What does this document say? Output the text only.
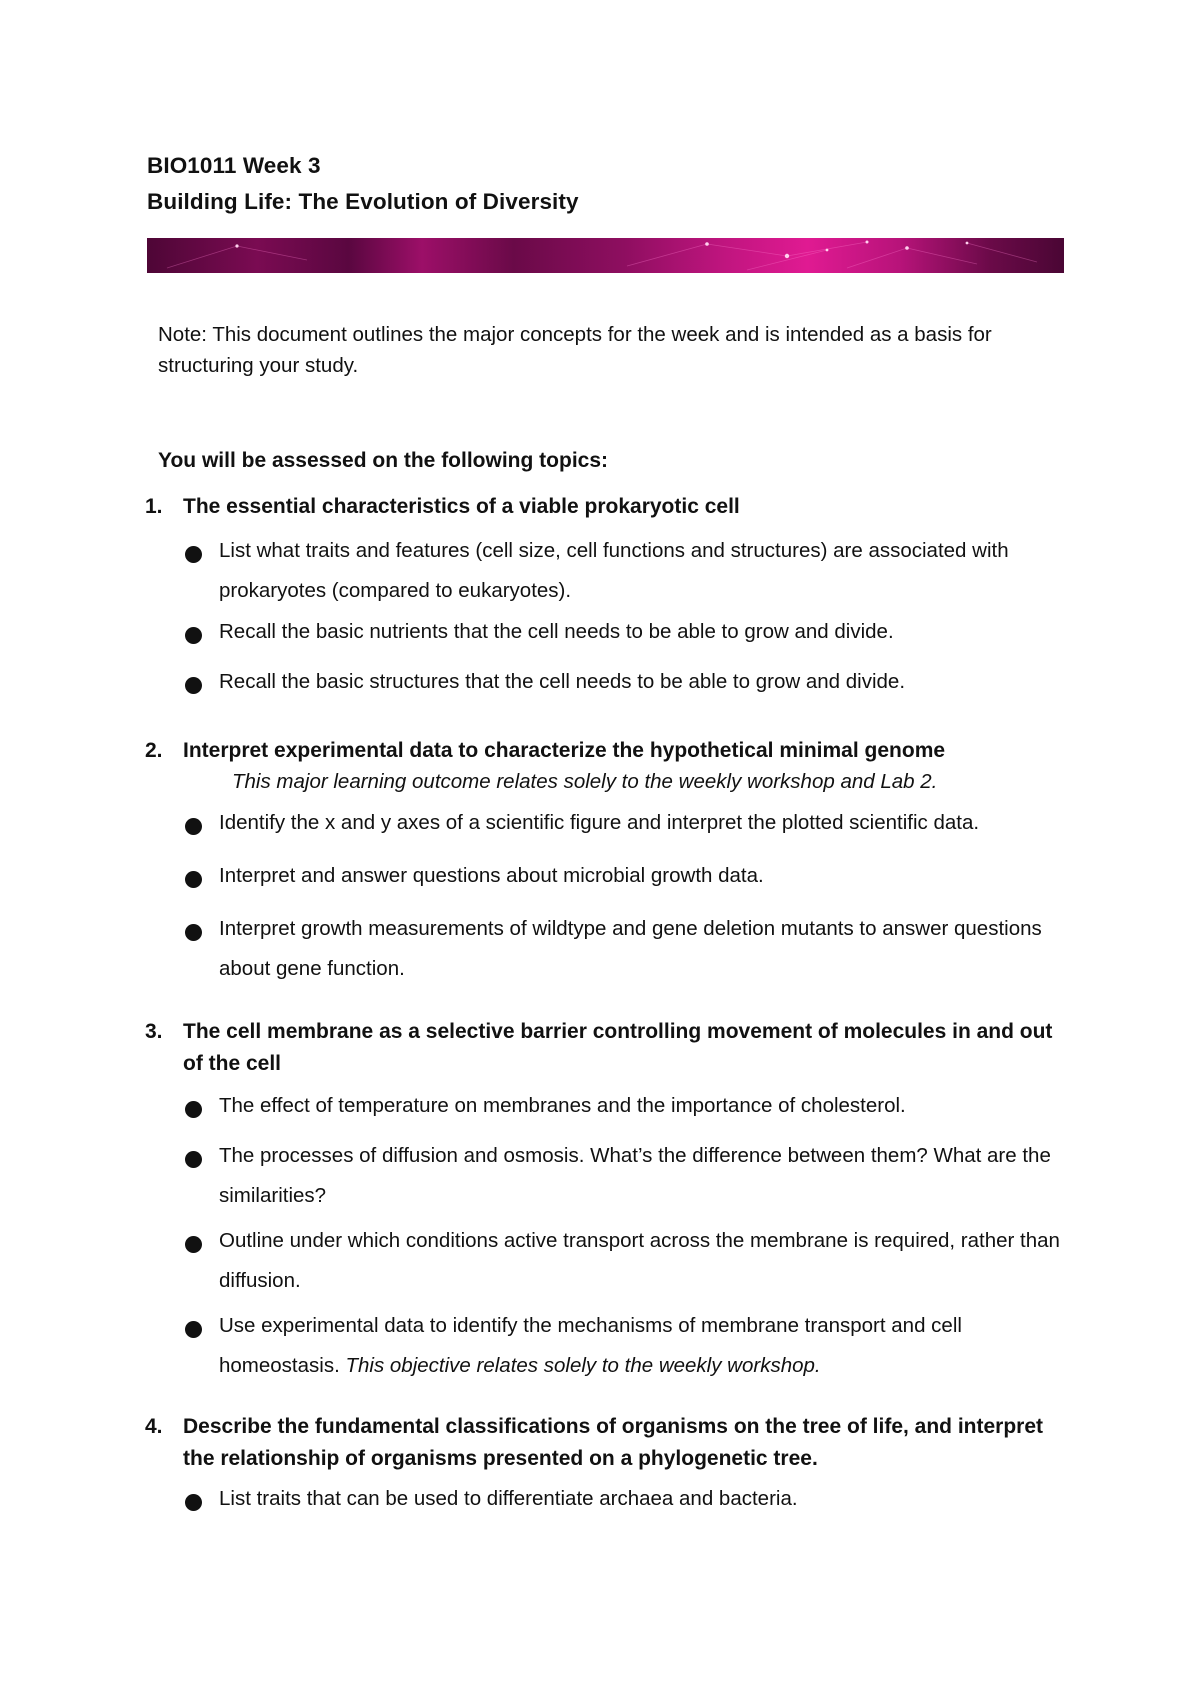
BIO1011 Week 3
Building Life: The Evolution of Diversity
Note: This document outlines the major concepts for the week and is intended as a basis for structuring your study.
You will be assessed on the following topics:
1. The essential characteristics of a viable prokaryotic cell
List what traits and features (cell size, cell functions and structures) are associated with prokaryotes (compared to eukaryotes).
Recall the basic nutrients that the cell needs to be able to grow and divide.
Recall the basic structures that the cell needs to be able to grow and divide.
2. Interpret experimental data to characterize the hypothetical minimal genome
This major learning outcome relates solely to the weekly workshop and Lab 2.
Identify the x and y axes of a scientific figure and interpret the plotted scientific data.
Interpret and answer questions about microbial growth data.
Interpret growth measurements of wildtype and gene deletion mutants to answer questions about gene function.
3. The cell membrane as a selective barrier controlling movement of molecules in and out of the cell
The effect of temperature on membranes and the importance of cholesterol.
The processes of diffusion and osmosis. What’s the difference between them? What are the similarities?
Outline under which conditions active transport across the membrane is required, rather than diffusion.
Use experimental data to identify the mechanisms of membrane transport and cell homeostasis. This objective relates solely to the weekly workshop.
4. Describe the fundamental classifications of organisms on the tree of life, and interpret the relationship of organisms presented on a phylogenetic tree.
List traits that can be used to differentiate archaea and bacteria.
